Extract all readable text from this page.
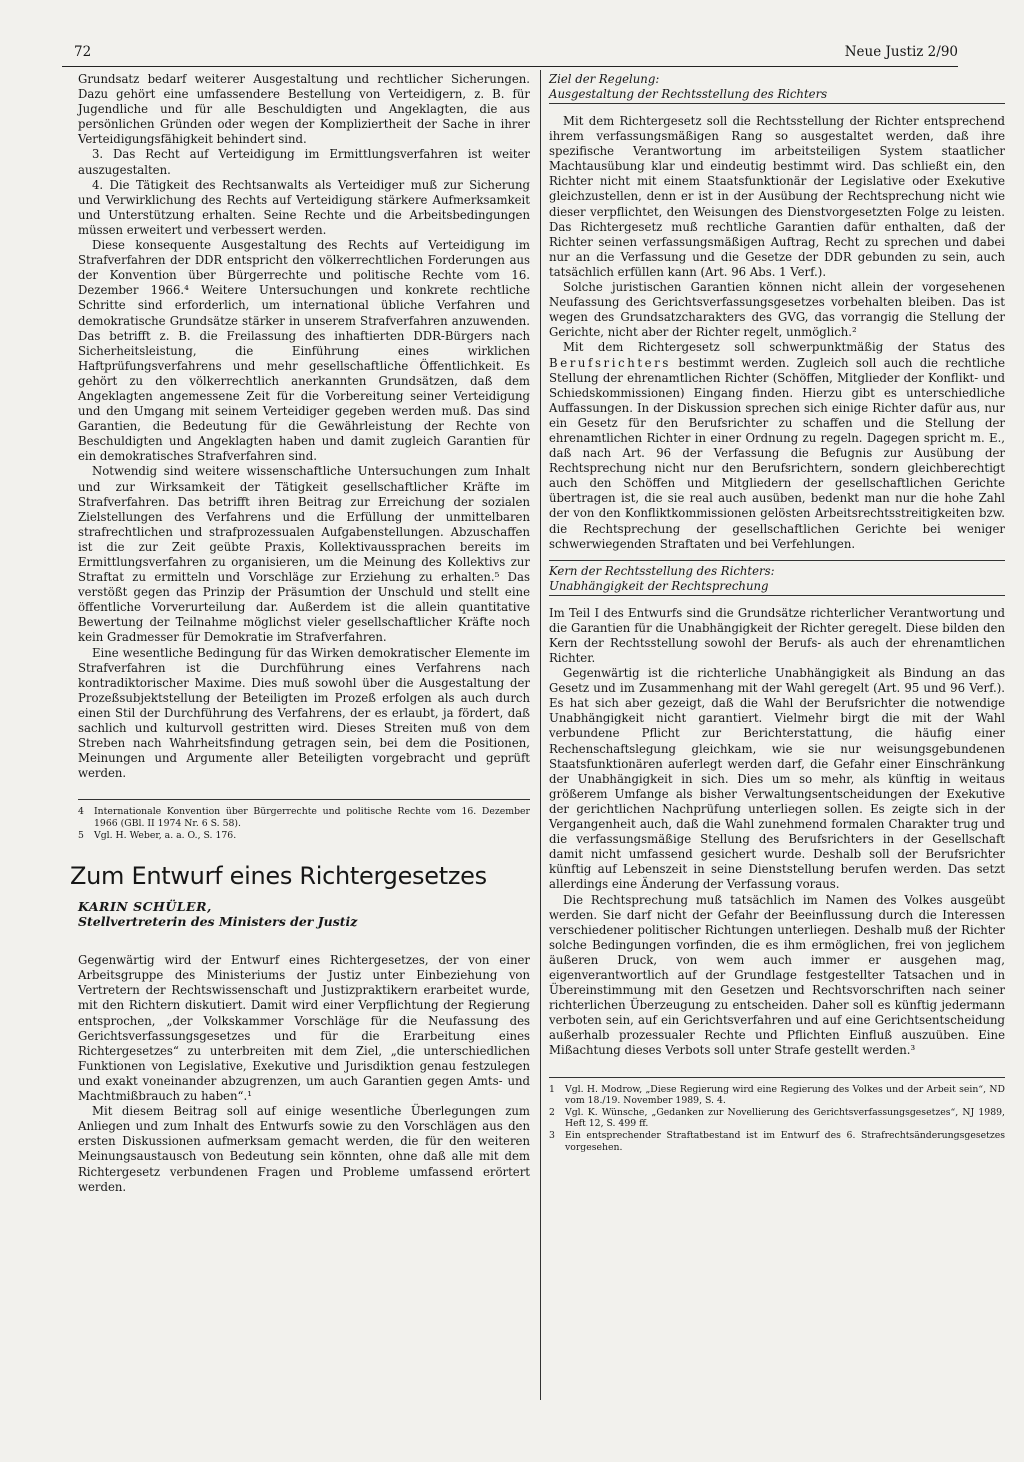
72	Neue Justiz 2/90

Grundsatz bedarf weiterer Ausgestaltung und rechtlicher Sicherungen. Dazu gehört eine umfassendere Bestellung von Verteidigern, z. B. für Jugendliche und für alle Beschuldigten und Angeklagten, die aus persönlichen Gründen oder wegen der Kompliziertheit der Sache in ihrer Verteidigungsfähigkeit behindert sind.

3. Das Recht auf Verteidigung im Ermittlungsverfahren ist weiter auszugestalten.

4. Die Tätigkeit des Rechtsanwalts als Verteidiger muß zur Sicherung und Verwirklichung des Rechts auf Verteidigung stärkere Aufmerksamkeit und Unterstützung erhalten. Seine Rechte und die Arbeitsbedingungen müssen erweitert und verbessert werden.

Diese konsequente Ausgestaltung des Rechts auf Verteidigung im Strafverfahren der DDR entspricht den völkerrechtlichen Forderungen aus der Konvention über Bürgerrechte und politische Rechte vom 16. Dezember 1966.⁴ Weitere Untersuchungen und konkrete rechtliche Schritte sind erforderlich, um international übliche Verfahren und demokratische Grundsätze stärker in unserem Strafverfahren anzuwenden. Das betrifft z. B. die Freilassung des inhaftierten DDR-Bürgers nach Sicherheitsleistung, die Einführung eines wirklichen Haftprüfungsverfahrens und mehr gesellschaftliche Öffentlichkeit. Es gehört zu den völkerrechtlich anerkannten Grundsätzen, daß dem Angeklagten angemessene Zeit für die Vorbereitung seiner Verteidigung und den Umgang mit seinem Verteidiger gegeben werden muß. Das sind Garantien, die Bedeutung für die Gewährleistung der Rechte von Beschuldigten und Angeklagten haben und damit zugleich Garantien für ein demokratisches Strafverfahren sind.

Notwendig sind weitere wissenschaftliche Untersuchungen zum Inhalt und zur Wirksamkeit der Tätigkeit gesellschaftlicher Kräfte im Strafverfahren. Das betrifft ihren Beitrag zur Erreichung der sozialen Zielstellungen des Verfahrens und die Erfüllung der unmittelbaren strafrechtlichen und strafprozessualen Aufgabenstellungen. Abzuschaffen ist die zur Zeit geübte Praxis, Kollektivaussprachen bereits im Ermittlungsverfahren zu organisieren, um die Meinung des Kollektivs zur Straftat zu ermitteln und Vorschläge zur Erziehung zu erhalten.⁵ Das verstößt gegen das Prinzip der Präsumtion der Unschuld und stellt eine öffentliche Vorverurteilung dar. Außerdem ist die allein quantitative Bewertung der Teilnahme möglichst vieler gesellschaftlicher Kräfte noch kein Gradmesser für Demokratie im Strafverfahren.

Eine wesentliche Bedingung für das Wirken demokratischer Elemente im Strafverfahren ist die Durchführung eines Verfahrens nach kontradiktorischer Maxime. Dies muß sowohl über die Ausgestaltung der Prozeßsubjektstellung der Beteiligten im Prozeß erfolgen als auch durch einen Stil der Durchführung des Verfahrens, der es erlaubt, ja fördert, daß sachlich und kulturvoll gestritten wird. Dieses Streiten muß von dem Streben nach Wahrheitsfindung getragen sein, bei dem die Positionen, Meinungen und Argumente aller Beteiligten vorgebracht und geprüft werden.

4	Internationale Konvention über Bürgerrechte und politische Rechte vom 16. Dezember 1966 (GBl. II 1974 Nr. 6 S. 58).
5	Vgl. H. Weber, a. a. O., S. 176.
Zum Entwurf eines Richtergesetzes
KARIN SCHÜLER,
Stellvertreterin des Ministers der Justiz

Gegenwärtig wird der Entwurf eines Richtergesetzes, der von einer Arbeitsgruppe des Ministeriums der Justiz unter Einbeziehung von Vertretern der Rechtswissenschaft und Justizpraktikern erarbeitet wurde, mit den Richtern diskutiert. Damit wird einer Verpflichtung der Regierung entsprochen, „der Volkskammer Vorschläge für die Neufassung des Gerichtsverfassungsgesetzes und für die Erarbeitung eines Richtergesetzes“ zu unterbreiten mit dem Ziel, „die unterschiedlichen Funktionen von Legislative, Exekutive und Jurisdiktion genau festzulegen und exakt voneinander abzugrenzen, um auch Garantien gegen Amts- und Machtmißbrauch zu haben“.¹

Mit diesem Beitrag soll auf einige wesentliche Überlegungen zum Anliegen und zum Inhalt des Entwurfs sowie zu den Vorschlägen aus den ersten Diskussionen aufmerksam gemacht werden, die für den weiteren Meinungsaustausch von Bedeutung sein könnten, ohne daß alle mit dem Richtergesetz verbundenen Fragen und Probleme umfassend erörtert werden.

Ziel der Regelung:
Ausgestaltung der Rechtsstellung des Richters

Mit dem Richtergesetz soll die Rechtsstellung der Richter entsprechend ihrem verfassungsmäßigen Rang so ausgestaltet werden, daß ihre spezifische Verantwortung im arbeitsteiligen System staatlicher Machtausübung klar und eindeutig bestimmt wird. Das schließt ein, den Richter nicht mit einem Staatsfunktionär der Legislative oder Exekutive gleichzustellen, denn er ist in der Ausübung der Rechtsprechung nicht wie dieser verpflichtet, den Weisungen des Dienstvorgesetzten Folge zu leisten. Das Richtergesetz muß rechtliche Garantien dafür enthalten, daß der Richter seinen verfassungsmäßigen Auftrag, Recht zu sprechen und dabei nur an die Verfassung und die Gesetze der DDR gebunden zu sein, auch tatsächlich erfüllen kann (Art. 96 Abs. 1 Verf.).

Solche juristischen Garantien können nicht allein der vorgesehenen Neufassung des Gerichtsverfassungsgesetzes vorbehalten bleiben. Das ist wegen des Grundsatzcharakters des GVG, das vorrangig die Stellung der Gerichte, nicht aber der Richter regelt, unmöglich.²

Mit dem Richtergesetz soll schwerpunktmäßig der Status des Berufsrichters bestimmt werden. Zugleich soll auch die rechtliche Stellung der ehrenamtlichen Richter (Schöffen, Mitglieder der Konflikt- und Schiedskommissionen) Eingang finden. Hierzu gibt es unterschiedliche Auffassungen. In der Diskussion sprechen sich einige Richter dafür aus, nur ein Gesetz für den Berufsrichter zu schaffen und die Stellung der ehrenamtlichen Richter in einer Ordnung zu regeln. Dagegen spricht m. E., daß nach Art. 96 der Verfassung die Befugnis zur Ausübung der Rechtsprechung nicht nur den Berufsrichtern, sondern gleichberechtigt auch den Schöffen und Mitgliedern der gesellschaftlichen Gerichte übertragen ist, die sie real auch ausüben, bedenkt man nur die hohe Zahl der von den Konfliktkommissionen gelösten Arbeitsrechtsstreitigkeiten bzw. die Rechtsprechung der gesellschaftlichen Gerichte bei weniger schwerwiegenden Straftaten und bei Verfehlungen.

Kern der Rechtsstellung des Richters:
Unabhängigkeit der Rechtsprechung

Im Teil I des Entwurfs sind die Grundsätze richterlicher Verantwortung und die Garantien für die Unabhängigkeit der Richter geregelt. Diese bilden den Kern der Rechtsstellung sowohl der Berufs- als auch der ehrenamtlichen Richter.

Gegenwärtig ist die richterliche Unabhängigkeit als Bindung an das Gesetz und im Zusammenhang mit der Wahl geregelt (Art. 95 und 96 Verf.). Es hat sich aber gezeigt, daß die Wahl der Berufsrichter die notwendige Unabhängigkeit nicht garantiert. Vielmehr birgt die mit der Wahl verbundene Pflicht zur Berichterstattung, die häufig einer Rechenschaftslegung gleichkam, wie sie nur weisungsgebundenen Staatsfunktionären auferlegt werden darf, die Gefahr einer Einschränkung der Unabhängigkeit in sich. Dies um so mehr, als künftig in weitaus größerem Umfange als bisher Verwaltungsentscheidungen der Exekutive der gerichtlichen Nachprüfung unterliegen sollen. Es zeigte sich in der Vergangenheit auch, daß die Wahl zunehmend formalen Charakter trug und die verfassungsmäßige Stellung des Berufsrichters in der Gesellschaft damit nicht umfassend gesichert wurde. Deshalb soll der Berufsrichter künftig auf Lebenszeit in seine Dienststellung berufen werden. Das setzt allerdings eine Änderung der Verfassung voraus.

Die Rechtsprechung muß tatsächlich im Namen des Volkes ausgeübt werden. Sie darf nicht der Gefahr der Beeinflussung durch die Interessen verschiedener politischer Richtungen unterliegen. Deshalb muß der Richter solche Bedingungen vorfinden, die es ihm ermöglichen, frei von jeglichem äußeren Druck, von wem auch immer er ausgehen mag, eigenverantwortlich auf der Grundlage festgestellter Tatsachen und in Übereinstimmung mit den Gesetzen und Rechtsvorschriften nach seiner richterlichen Überzeugung zu entscheiden. Daher soll es künftig jedermann verboten sein, auf ein Gerichtsverfahren und auf eine Gerichtsentscheidung außerhalb prozessualer Rechte und Pflichten Einfluß auszuüben. Eine Mißachtung dieses Verbots soll unter Strafe gestellt werden.³

1	Vgl. H. Modrow, „Diese Regierung wird eine Regierung des Volkes und der Arbeit sein“, ND vom 18./19. November 1989, S. 4.
2	Vgl. K. Wünsche, „Gedanken zur Novellierung des Gerichtsverfassungsgesetzes“, NJ 1989, Heft 12, S. 499 ff.
3	Ein entsprechender Straftatbestand ist im Entwurf des 6. Strafrechtsänderungsgesetzes vorgesehen.
